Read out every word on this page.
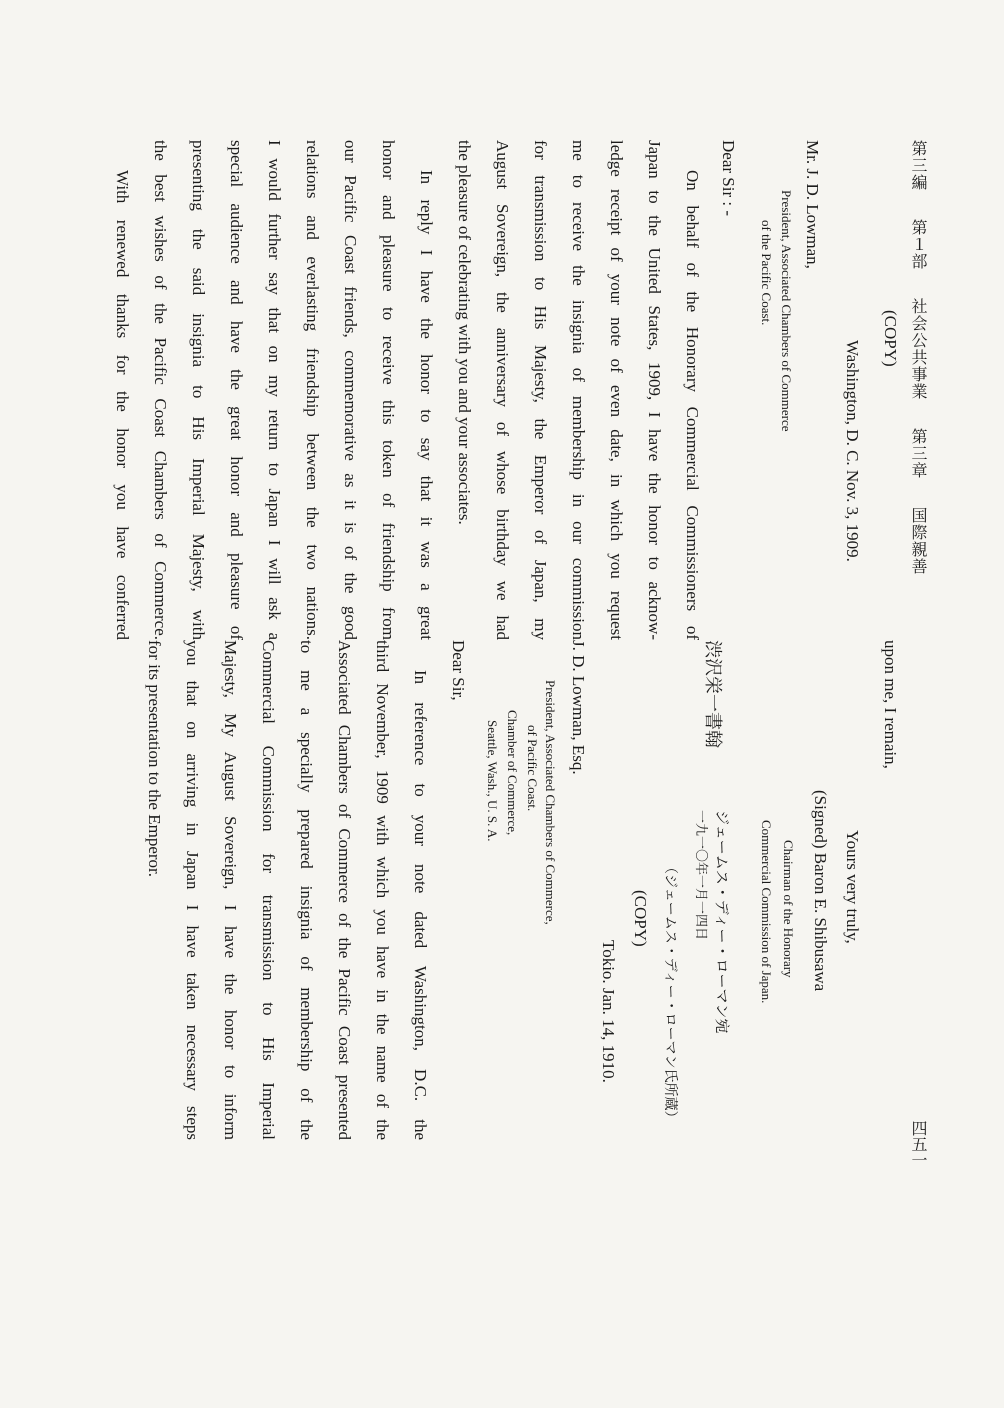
第三編 第１部 社会公共事業 第三章 国際親善
四五一
(COPY)
Washington, D. C. Nov. 3, 1909.
Mr. J. D. Lowman,
President, Associated Chambers of Commerce
of the Pacific Coast.
Dear Sir : -
On behalf of the Honorary Commercial Commissioners of
Japan to the United States, 1909, I have the honor to acknow-
ledge receipt of your note of even date, in which you request
me to receive the insignia of membership in our commission
for transmission to His Majesty, the Emperor of Japan, my
August Sovereign, the anniversary of whose birthday we had
the pleasure of celebrating with you and your associates.
In reply I have the honor to say that it was a great
honor and pleasure to receive this token of friendship from
our Pacific Coast friends, commemorative as it is of the good
relations and everlasting friendship between the two nations.
I would further say that on my return to Japan I will ask a
special audience and have the great honor and pleasure of
presenting the said insignia to His Imperial Majesty, with
the best wishes of the Pacific Coast Chambers of Commerce.
With renewed thanks for the honor you have conferred
upon me, I remain,
Yours very truly,
(Signed) Baron E. Shibusawa
Chairman of the Honorary
Commercial Commission of Japan.
渋沢栄一書翰
ジェームス・ディー・ローマン宛
一九一〇年一月一四日
（ジェームス・ディー・ローマン氏所蔵）
(COPY)
Tokio. Jan. 14, 1910.
J. D. Lowman, Esq.
President, Associated Chambers of Commerce,
of Pacific Coast.
Chamber of Commerce,
Seattle, Wash., U. S. A.
Dear Sir,
In reference to your note dated Washington, D.C. the
third November, 1909 with which you have in the name of the
Associated Chambers of Commerce of the Pacific Coast presented
to me a specially prepared insignia of membership of the
Commercial Commission for transmission to His Imperial
Majesty, My August Sovereign, I have the honor to inform
you that on arriving in Japan I have taken necessary steps
for its presentation to the Emperor.
